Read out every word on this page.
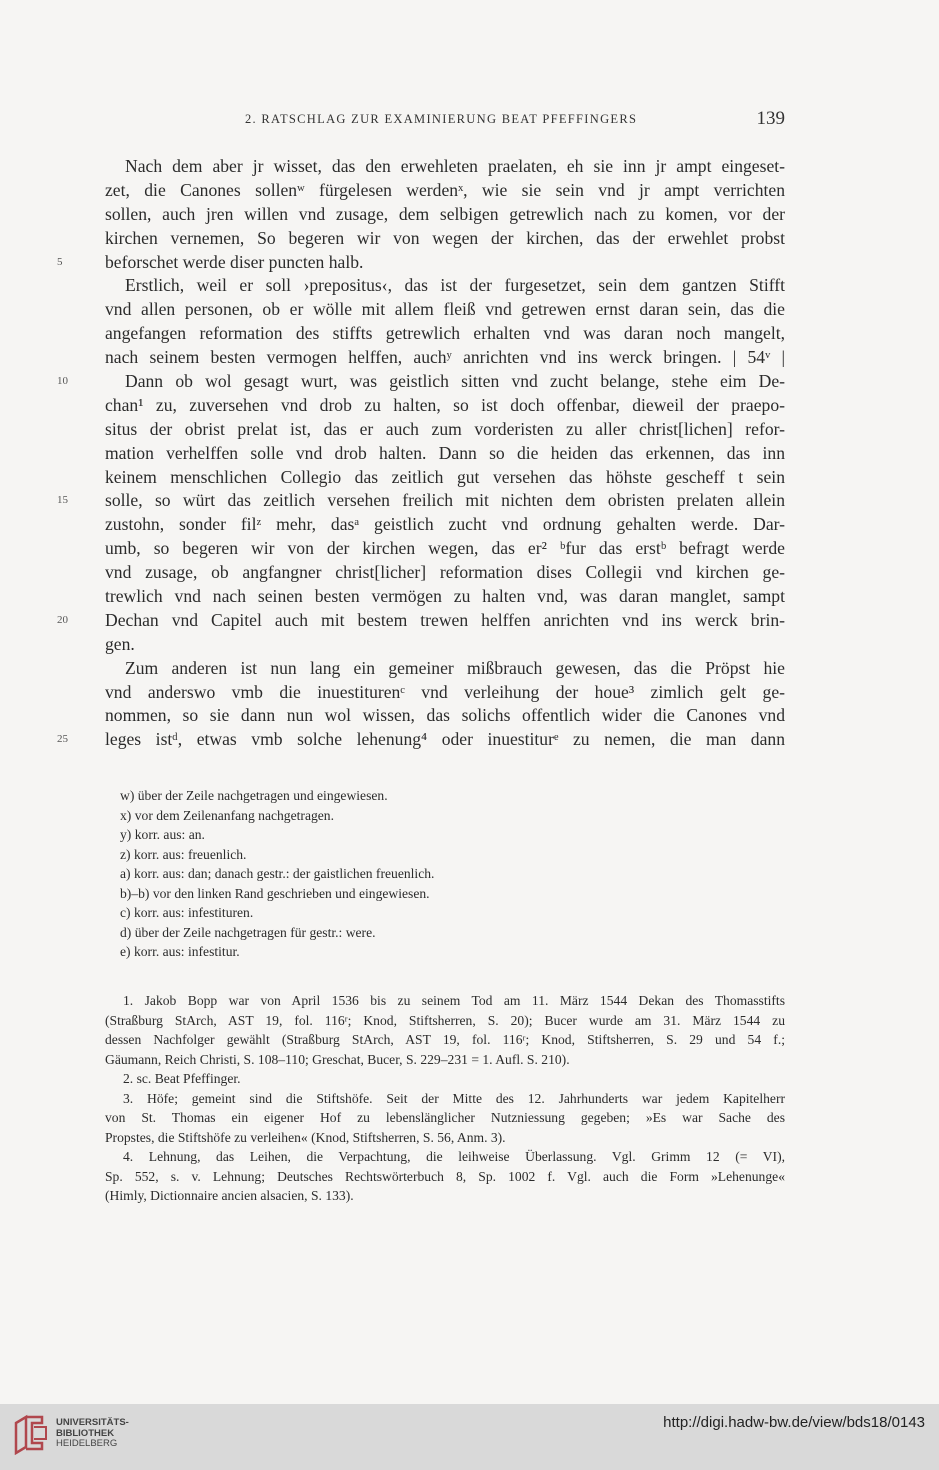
2. RATSCHLAG ZUR EXAMINIERUNG BEAT PFEFFINGERS	139
Nach dem aber jr wisset, das den erwehleten praelaten, eh sie inn jr ampt eingeset-
zet, die Canones sollenʷ fürgelesen werdenˣ, wie sie sein vnd jr ampt verrichten
sollen, auch jren willen vnd zusage, dem selbigen getrewlich nach zu komen, vor der
kirchen vernemen, So begeren wir von wegen der kirchen, das der erwehlet probst
5	beforschet werde diser puncten halb.
Erstlich, weil er soll ›prepositus‹, das ist der furgesetzet, sein dem gantzen Stifft
vnd allen personen, ob er wölle mit allem fleiß vnd getrewen ernst daran sein, das die
angefangen reformation des stiffts getrewlich erhalten vnd was daran noch mangelt,
nach seinem besten vermogen helffen, auchʸ anrichten vnd ins werck bringen. | 54ᵛ |
10	Dann ob wol gesagt wurt, was geistlich sitten vnd zucht belange, stehe eim De-
chan¹ zu, zuversehen vnd drob zu halten, so ist doch offenbar, dieweil der praepo-
situs der obrist prelat ist, das er auch zum vorderisten zu aller christ[lichen] refor-
mation verhelffen solle vnd drob halten. Dann so die heiden das erkennen, das inn
keinem menschlichen Collegio das zeitlich gut versehen das höhste gescheff t sein
15	solle, so würt das zeitlich versehen freilich mit nichten dem obristen prelaten allein
zustohn, sonder filᶻ mehr, dasᵃ geistlich zucht vnd ordnung gehalten werde. Dar-
umb, so begeren wir von der kirchen wegen, das er² ᵇfur das erstᵇ befragt werde
vnd zusage, ob angfangner christ[licher] reformation dises Collegii vnd kirchen ge-
trewlich vnd nach seinen besten vermögen zu halten vnd, was daran manglet, sampt
20	Dechan vnd Capitel auch mit bestem trewen helffen anrichten vnd ins werck brin-
gen.
Zum anderen ist nun lang ein gemeiner mißbrauch gewesen, das die Pröpst hie
vnd anderswo vmb die inuestiturenᶜ vnd verleihung der houe³ zimlich gelt ge-
nommen, so sie dann nun wol wissen, das solichs offentlich wider die Canones vnd
25	leges istᵈ, etwas vmb solche lehenung⁴ oder inuestiturᵉ zu nemen, die man dann
w) über der Zeile nachgetragen und eingewiesen.
x) vor dem Zeilenanfang nachgetragen.
y) korr. aus: an.
z) korr. aus: freuenlich.
a) korr. aus: dan; danach gestr.: der gaistlichen freuenlich.
b)–b) vor den linken Rand geschrieben und eingewiesen.
c) korr. aus: infestituren.
d) über der Zeile nachgetragen für gestr.: were.
e) korr. aus: infestitur.
1. Jakob Bopp war von April 1536 bis zu seinem Tod am 11. März 1544 Dekan des Thomasstifts
(Straßburg StArch, AST 19, fol. 116ʳ; Knod, Stiftsherren, S. 20); Bucer wurde am 31. März 1544 zu
dessen Nachfolger gewählt (Straßburg StArch, AST 19, fol. 116ʳ; Knod, Stiftsherren, S. 29 und 54 f.;
Gäumann, Reich Christi, S. 108–110; Greschat, Bucer, S. 229–231 = 1. Aufl. S. 210).
2. sc. Beat Pfeffinger.
3. Höfe; gemeint sind die Stiftshöfe. Seit der Mitte des 12. Jahrhunderts war jedem Kapitelherr
von St. Thomas ein eigener Hof zu lebenslänglicher Nutzniessung gegeben; »Es war Sache des
Propstes, die Stiftshöfe zu verleihen« (Knod, Stiftsherren, S. 56, Anm. 3).
4. Lehnung, das Leihen, die Verpachtung, die leihweise Überlassung. Vgl. Grimm 12 (= VI),
Sp. 552, s. v. Lehnung; Deutsches Rechtswörterbuch 8, Sp. 1002 f. Vgl. auch die Form »Lehenunge«
(Himly, Dictionnaire ancien alsacien, S. 133).
UNIVERSITÄTS-
BIBLIOTHEK
HEIDELBERG
http://digi.hadw-bw.de/view/bds18/0143
